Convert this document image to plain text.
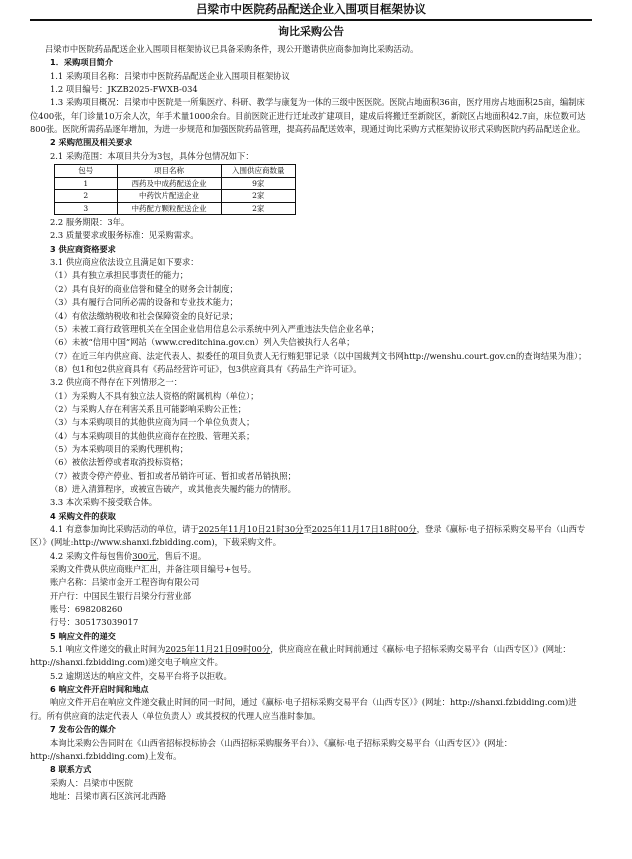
吕梁市中医院药品配送企业入围项目框架协议
询比采购公告

吕梁市中医院药品配送企业入围项目框架协议已具备采购条件，现公开邀请供应商参加询比采购活动。

1．采购项目简介

1.1 采购项目名称：吕梁市中医院药品配送企业入围项目框架协议

1.2 项目编号：JKZB2025-FWXB-034

1.3 采购项目概况：吕梁市中医院是一所集医疗、科研、教学与康复为一体的三级中医医院。医院占地面积36亩，医疗用房占地面积25亩，编制床位400张，年门诊量10万余人次，年手术量1000余台。目前医院正进行迁址改扩建项目，建成后将搬迁至新院区，新院区占地面积42.7亩，床位数可达800张。医院所需药品逐年增加，为进一步规范和加强医院药品管理，提高药品配送效率，现通过询比采购方式框架协议形式采购医院内药品配送企业。

2 采购范围及相关要求

2.1 采购范围：本项目共分为3包，具体分包情况如下：

包号	项目名称	入围供应商数量
1	西药及中成药配送企业	9家
2	中药饮片配送企业	2家
3	中药配方颗粒配送企业	2家

2.2 服务期限：3年。

2.3 质量要求或服务标准：见采购需求。

3 供应商资格要求

3.1 供应商应依法设立且满足如下要求：

（1）具有独立承担民事责任的能力；

（2）具有良好的商业信誉和健全的财务会计制度；

（3）具有履行合同所必需的设备和专业技术能力；

（4）有依法缴纳税收和社会保障资金的良好记录；

（5）未被工商行政管理机关在全国企业信用信息公示系统中列入严重违法失信企业名单；

（6）未被“信用中国”网站（www.creditchina.gov.cn）列入失信被执行人名单；

（7）在近三年内供应商、法定代表人、拟委任的项目负责人无行贿犯罪记录（以中国裁判文书网http://wenshu.court.gov.cn的查询结果为准）；

（8）包1和包2供应商具有《药品经营许可证》，包3供应商具有《药品生产许可证》。

3.2 供应商不得存在下列情形之一：

（1）为采购人不具有独立法人资格的附属机构（单位）；

（2）与采购人存在利害关系且可能影响采购公正性；

（3）与本采购项目的其他供应商为同一个单位负责人；

（4）与本采购项目的其他供应商存在控股、管理关系；

（5）为本采购项目的采购代理机构；

（6）被依法暂停或者取消投标资格；

（7）被责令停产停业、暂扣或者吊销许可证、暂扣或者吊销执照；

（8）进入清算程序，或被宣告破产，或其他丧失履约能力的情形。

3.3 本次采购不接受联合体。

4 采购文件的获取

4.1 有意参加询比采购活动的单位，请于2025年11月10日21时30分至2025年11月17日18时00分，登录《赢标·电子招标采购交易平台（山西专区）》(网址:http://www.shanxi.fzbidding.com)，下载采购文件。

4.2 采购文件每包售价300元，售后不退。

采购文件费从供应商账户汇出，并备注项目编号+包号。

账户名称：吕梁市金开工程咨询有限公司

开户行：中国民生银行吕梁分行营业部

账号：698208260

行号：305173039017

5 响应文件的递交

5.1 响应文件递交的截止时间为2025年11月21日09时00分，供应商应在截止时间前通过《赢标·电子招标采购交易平台（山西专区）》(网址：http://shanxi.fzbidding.com)递交电子响应文件。

5.2 逾期送达的响应文件，交易平台将予以拒收。

6 响应文件开启时间和地点

响应文件开启在响应文件递交截止时间的同一时间，通过《赢标·电子招标采购交易平台（山西专区）》(网址：http://shanxi.fzbidding.com)进行。所有供应商的法定代表人（单位负责人）或其授权的代理人应当准时参加。

7 发布公告的媒介

本询比采购公告同时在《山西省招标投标协会（山西招标采购服务平台）》、《赢标·电子招标采购交易平台（山西专区）》(网址：http://shanxi.fzbidding.com)上发布。

8 联系方式

采购人：吕梁市中医院

地址：吕梁市离石区滨河北西路
